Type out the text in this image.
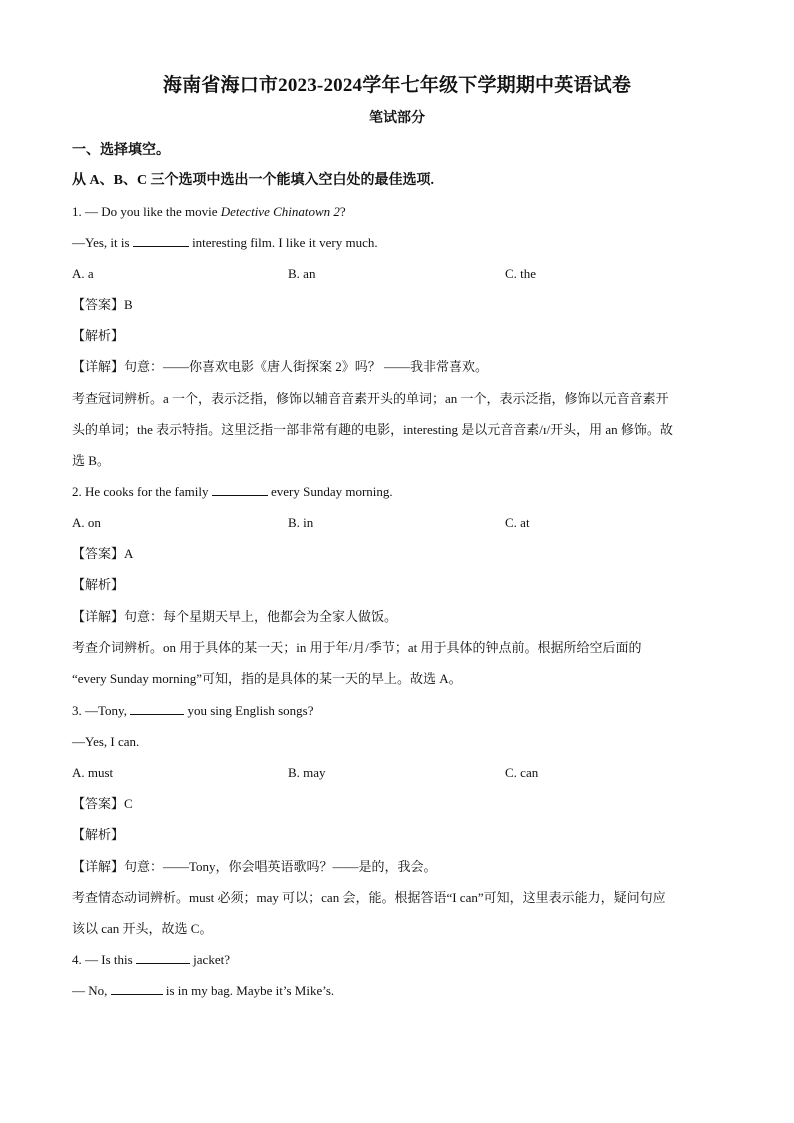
海南省海口市2023-2024学年七年级下学期期中英语试卷
笔试部分
一、选择填空。
从 A、B、C 三个选项中选出一个能填入空白处的最佳选项.
1. — Do you like the movie Detective Chinatown 2?
—Yes, it is	interesting film. I like it very much.
A. a	B. an	C. the
【答案】B
【解析】
【详解】句意：——你喜欢电影《唐人街探案 2》吗？ ——我非常喜欢。
考查冠词辨析。a 一个，表示泛指，修饰以辅音音素开头的单词；an 一个，表示泛指，修饰以元音音素开
头的单词；the 表示特指。这里泛指一部非常有趣的电影，interesting 是以元音音素/ɪ/开头，用 an 修饰。故
选 B。
2. He cooks for the family	every Sunday morning.
A. on	B. in	C. at
【答案】A
【解析】
【详解】句意：每个星期天早上，他都会为全家人做饭。
考查介词辨析。on 用于具体的某一天；in 用于年/月/季节；at 用于具体的钟点前。根据所给空后面的
“every Sunday morning”可知，指的是具体的某一天的早上。故选 A。
3. —Tony,	you sing English songs?
—Yes, I can.
A. must	B. may	C. can
【答案】C
【解析】
【详解】句意：——Tony，你会唱英语歌吗？——是的，我会。
考查情态动词辨析。must 必须；may 可以；can 会，能。根据答语“I can”可知，这里表示能力，疑问句应
该以 can 开头，故选 C。
4. — Is this	jacket?
— No,	is in my bag. Maybe it’s Mike’s.
